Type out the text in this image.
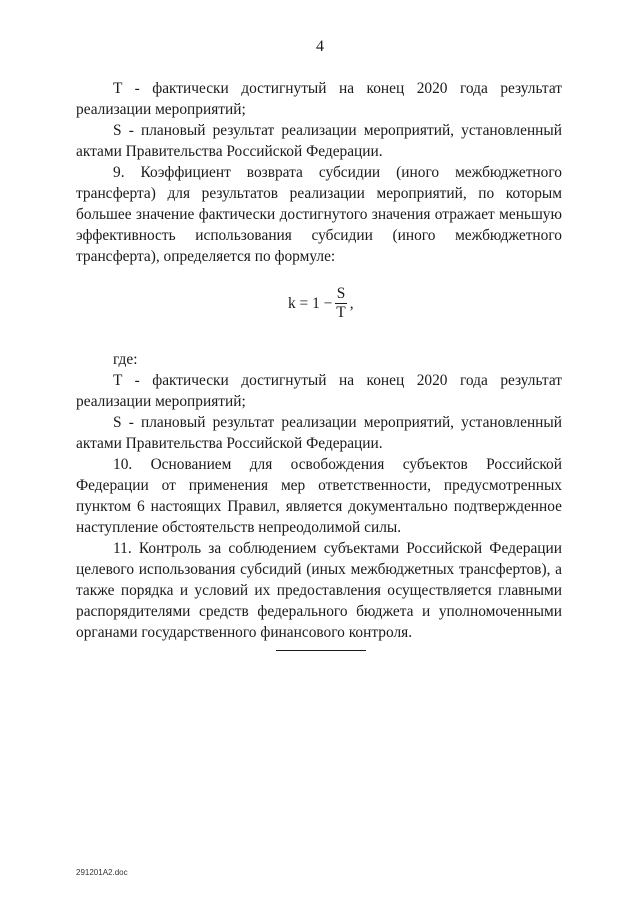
4

T - фактически достигнутый на конец 2020 года результат реализации мероприятий;

S - плановый результат реализации мероприятий, установленный актами Правительства Российской Федерации.

9. Коэффициент возврата субсидии (иного межбюджетного трансферта) для результатов реализации мероприятий, по которым большее значение фактически достигнутого значения отражает меньшую эффективность использования субсидии (иного межбюджетного трансферта), определяется по формуле:

$k = 1 - \frac{S}{T}$ ,

где:

T - фактически достигнутый на конец 2020 года результат реализации мероприятий;

S - плановый результат реализации мероприятий, установленный актами Правительства Российской Федерации.

10. Основанием для освобождения субъектов Российской Федерации от применения мер ответственности, предусмотренных пунктом 6 настоящих Правил, является документально подтвержденное наступление обстоятельств непреодолимой силы.

11. Контроль за соблюдением субъектами Российской Федерации целевого использования субсидий (иных межбюджетных трансфертов), а также порядка и условий их предоставления осуществляется главными распорядителями средств федерального бюджета и уполномоченными органами государственного финансового контроля.

291201A2.doc
